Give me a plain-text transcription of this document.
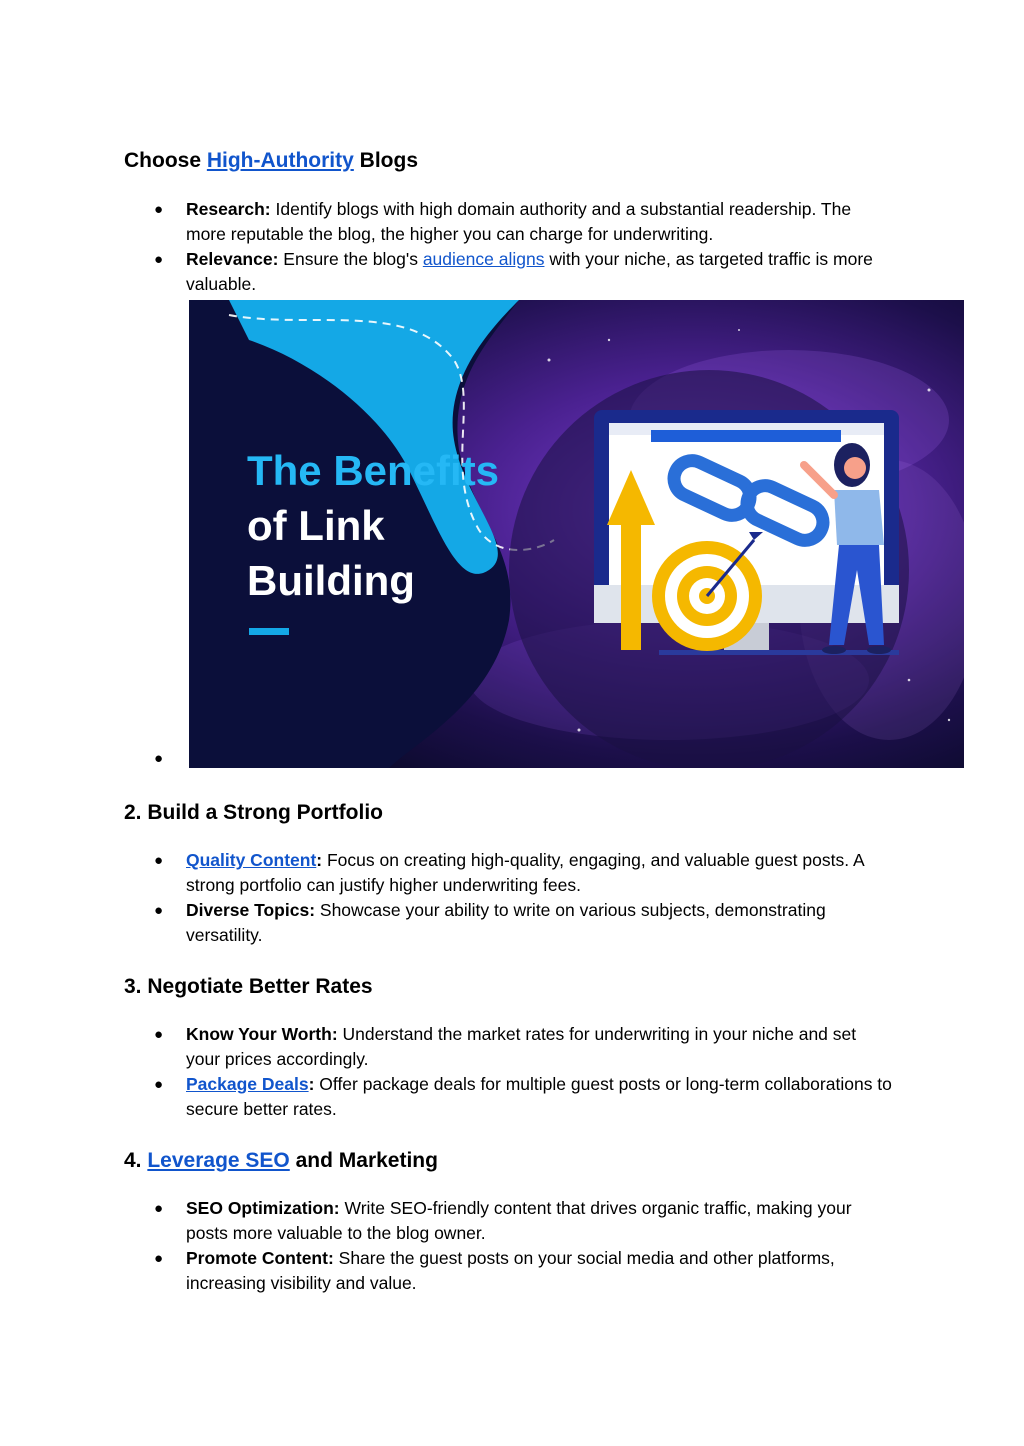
Choose High-Authority Blogs
● Research: Identify blogs with high domain authority and a substantial readership. The more reputable the blog, the higher you can charge for underwriting.
● Relevance: Ensure the blog's audience aligns with your niche, as targeted traffic is more valuable.
●
The Benefits
of Link
Building
2. Build a Strong Portfolio
● Quality Content: Focus on creating high-quality, engaging, and valuable guest posts. A strong portfolio can justify higher underwriting fees.
● Diverse Topics: Showcase your ability to write on various subjects, demonstrating versatility.
3. Negotiate Better Rates
● Know Your Worth: Understand the market rates for underwriting in your niche and set your prices accordingly.
● Package Deals: Offer package deals for multiple guest posts or long-term collaborations to secure better rates.
4. Leverage SEO and Marketing
● SEO Optimization: Write SEO-friendly content that drives organic traffic, making your posts more valuable to the blog owner.
● Promote Content: Share the guest posts on your social media and other platforms, increasing visibility and value.
